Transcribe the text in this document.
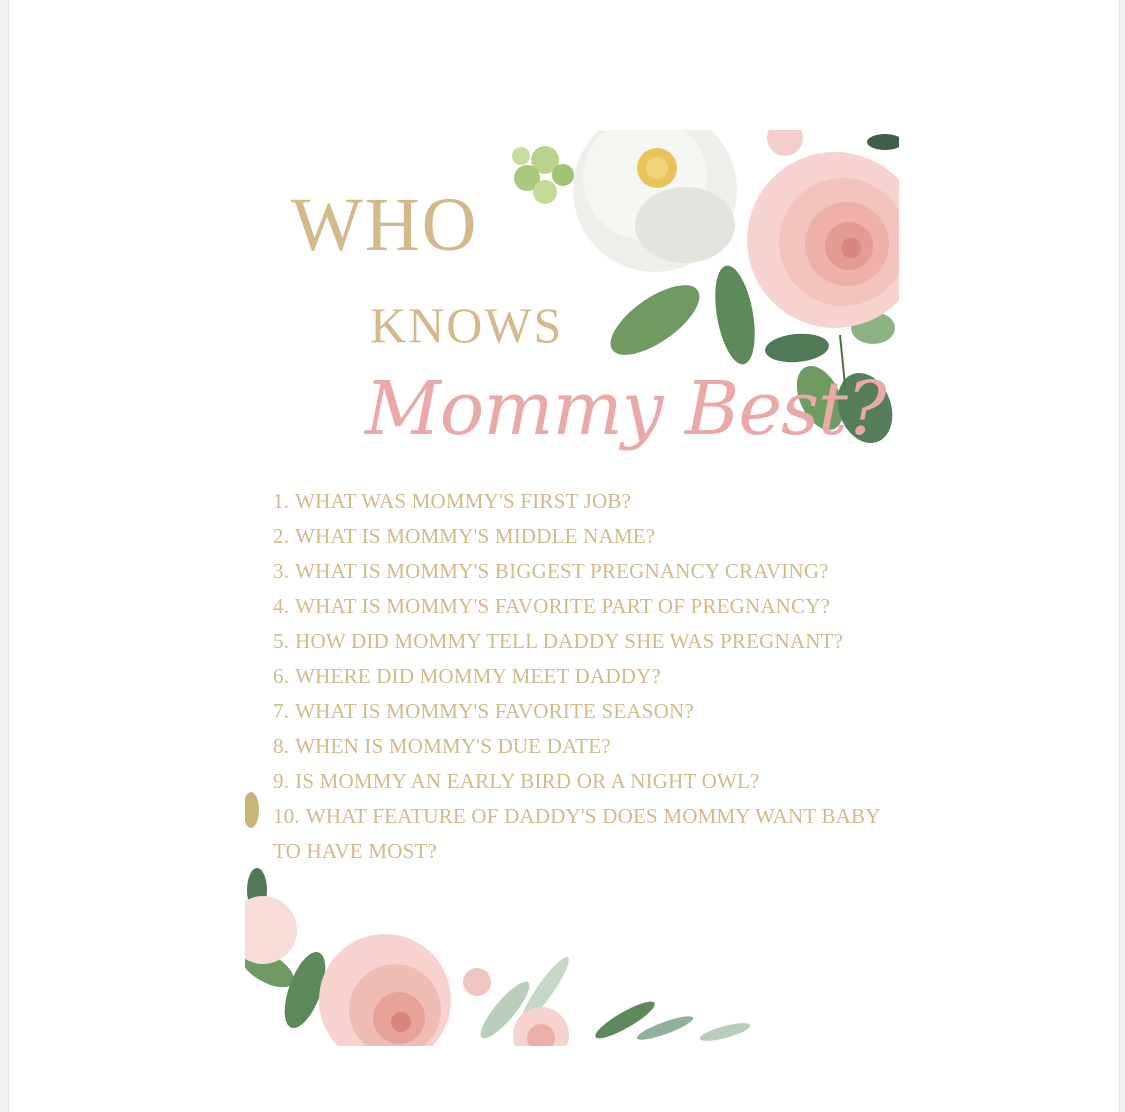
WHO
KNOWS
Mommy Best?
1. WHAT WAS MOMMY'S FIRST JOB?
2. WHAT IS MOMMY'S MIDDLE NAME?
3. WHAT IS MOMMY'S BIGGEST PREGNANCY CRAVING?
4. WHAT IS MOMMY'S FAVORITE PART OF PREGNANCY?
5. HOW DID MOMMY TELL DADDY SHE WAS PREGNANT?
6. WHERE DID MOMMY MEET DADDY?
7. WHAT IS MOMMY'S FAVORITE SEASON?
8. WHEN IS MOMMY'S DUE DATE?
9. IS MOMMY AN EARLY BIRD OR A NIGHT OWL?
10. WHAT FEATURE OF DADDY'S DOES MOMMY WANT BABY TO HAVE MOST?
